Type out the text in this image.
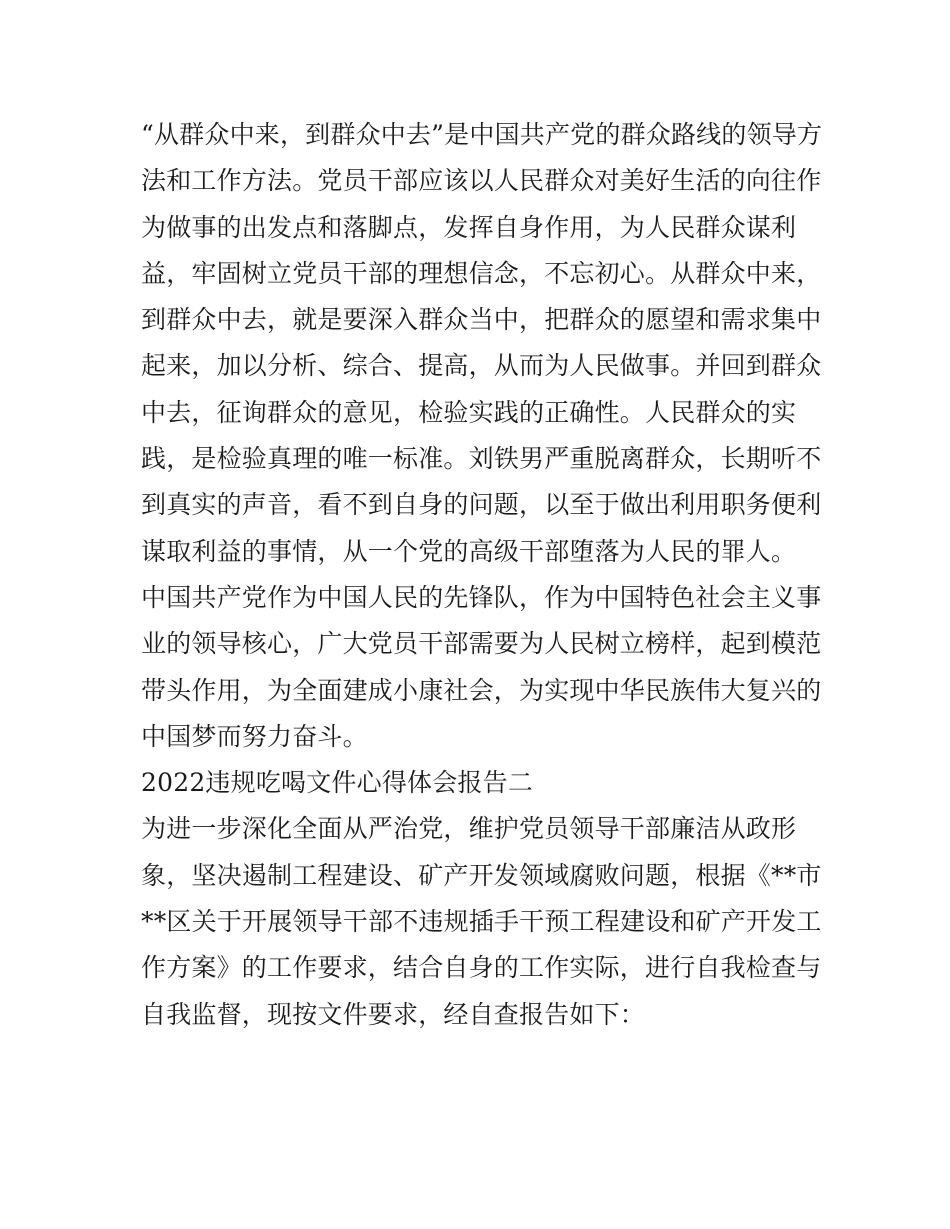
“从群众中来，到群众中去”是中国共产党的群众路线的领导方
法和工作方法。党员干部应该以人民群众对美好生活的向往作
为做事的出发点和落脚点，发挥自身作用，为人民群众谋利
益，牢固树立党员干部的理想信念，不忘初心。从群众中来，
到群众中去，就是要深入群众当中，把群众的愿望和需求集中
起来，加以分析、综合、提高，从而为人民做事。并回到群众
中去，征询群众的意见，检验实践的正确性。人民群众的实
践，是检验真理的唯一标准。刘铁男严重脱离群众，长期听不
到真实的声音，看不到自身的问题，以至于做出利用职务便利
谋取利益的事情，从一个党的高级干部堕落为人民的罪人。
中国共产党作为中国人民的先锋队，作为中国特色社会主义事
业的领导核心，广大党员干部需要为人民树立榜样，起到模范
带头作用，为全面建成小康社会，为实现中华民族伟大复兴的
中国梦而努力奋斗。
2022违规吃喝文件心得体会报告二
为进一步深化全面从严治党，维护党员领导干部廉洁从政形
象，坚决遏制工程建设、矿产开发领域腐败问题，根据《**市
**区关于开展领导干部不违规插手干预工程建设和矿产开发工
作方案》的工作要求，结合自身的工作实际，进行自我检查与
自我监督，现按文件要求，经自查报告如下：
